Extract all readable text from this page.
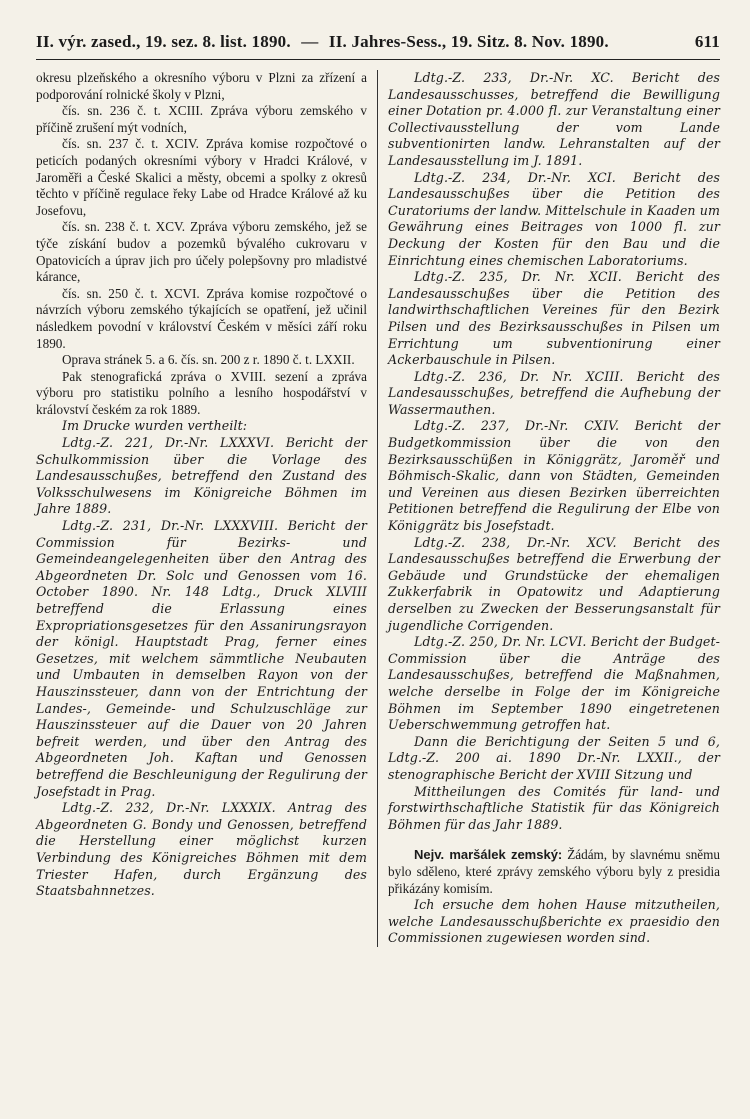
II. výr. zased., 19. sez. 8. list. 1890. — II. Jahres-Sess., 19. Sitz. 8. Nov. 1890.	611

okresu plzeňského a okresního výboru v Plzni za zřízení a podporování rolnické školy v Plzni,

čís. sn. 236 č. t. XCIII. Zpráva výboru zemského v příčině zrušení mýt vodních,

čís. sn. 237 č. t. XCIV. Zpráva komise rozpočtové o peticích podaných okresními výbory v Hradci Králové, v Jaroměři a České Skalici a městy, obcemi a spolky z okresů těchto v příčině regulace řeky Labe od Hradce Králové až ku Josefovu,

čís. sn. 238 č. t. XCV. Zpráva výboru zemského, jež se týče získání budov a pozemků bývalého cukrovaru v Opatovicích a úprav jich pro účely polepšovny pro mladistvé kárance,

čís. sn. 250 č. t. XCVI. Zpráva komise rozpočtové o návrzích výboru zemského týkajících se opatření, jež učinil následkem povodní v království Českém v měsíci září roku 1890.

Oprava stránek 5. a 6. čís. sn. 200 z r. 1890 č. t. LXXII.

Pak stenografická zpráva o XVIII. sezení a zpráva výboru pro statistiku polního a lesního hospodářství v království českém za rok 1889.

Im Drucke wurden vertheilt:

Ldtg.-Z. 221, Dr.-Nr. LXXXVI. Bericht der Schulkommission über die Vorlage des Landesausschußes, betreffend den Zustand des Volksschulwesens im Königreiche Böhmen im Jahre 1889.

Ldtg.-Z. 231, Dr.-Nr. LXXXVIII. Bericht der Commission für Bezirks- und Gemeindeangelegenheiten über den Antrag des Abgeordneten Dr. Solc und Genossen vom 16. October 1890. Nr. 148 Ldtg., Druck XLVIII betreffend die Erlassung eines Expropriationsgesetzes für den Assanirungsrayon der königl. Hauptstadt Prag, ferner eines Gesetzes, mit welchem sämmtliche Neubauten und Umbauten in demselben Rayon von der Hauszinssteuer, dann von der Entrichtung der Landes-, Gemeinde- und Schulzuschläge zur Hauszinssteuer auf die Dauer von 20 Jahren befreit werden, und über den Antrag des Abgeordneten Joh. Kaftan und Genossen betreffend die Beschleunigung der Regulirung der Josefstadt in Prag.

Ldtg.-Z. 232, Dr.-Nr. LXXXIX. Antrag des Abgeordneten G. Bondy und Genossen, betreffend die Herstellung einer möglichst kurzen Verbindung des Königreiches Böhmen mit dem Triester Hafen, durch Ergänzung des Staatsbahnnetzes.

Ldtg.-Z. 233, Dr.-Nr. XC. Bericht des Landesausschusses, betreffend die Bewilligung einer Dotation pr. 4.000 fl. zur Veranstaltung einer Collectivausstellung der vom Lande subventionirten landw. Lehranstalten auf der Landesausstellung im J. 1891.

Ldtg.-Z. 234, Dr.-Nr. XCI. Bericht des Landesausschußes über die Petition des Curatoriums der landw. Mittelschule in Kaaden um Gewährung eines Beitrages von 1000 fl. zur Deckung der Kosten für den Bau und die Einrichtung eines chemischen Laboratoriums.

Ldtg.-Z. 235, Dr. Nr. XCII. Bericht des Landesausschußes über die Petition des landwirthschaftlichen Vereines für den Bezirk Pilsen und des Bezirksausschußes in Pilsen um Errichtung um subventionirung einer Ackerbauschule in Pilsen.

Ldtg.-Z. 236, Dr. Nr. XCIII. Bericht des Landesausschußes, betreffend die Aufhebung der Wassermauthen.

Ldtg.-Z. 237, Dr.-Nr. CXIV. Bericht der Budgetkommission über die von den Bezirksausschüßen in Königgrätz, Jaroměř und Böhmisch-Skalic, dann von Städten, Gemeinden und Vereinen aus diesen Bezirken überreichten Petitionen betreffend die Regulirung der Elbe von Königgrätz bis Josefstadt.

Ldtg.-Z. 238, Dr.-Nr. XCV. Bericht des Landesausschußes betreffend die Erwerbung der Gebäude und Grundstücke der ehemaligen Zukkerfabrik in Opatowitz und Adaptierung derselben zu Zwecken der Besserungsanstalt für jugendliche Corrigenden.

Ldtg.-Z. 250, Dr. Nr. LCVI. Bericht der Budget-Commission über die Anträge des Landesausschußes, betreffend die Maßnahmen, welche derselbe in Folge der im Königreiche Böhmen im September 1890 eingetretenen Ueberschwemmung getroffen hat.

Dann die Berichtigung der Seiten 5 und 6, Ldtg.-Z. 200 ai. 1890 Dr.-Nr. LXXII., der stenographische Bericht der XVIII Sitzung und

Mittheilungen des Comités für land- und forstwirthschaftliche Statistik für das Königreich Böhmen für das Jahr 1889.

Nejv. maršálek zemský: Žádám, by slavnému sněmu bylo sděleno, které zprávy zemského výboru byly z presidia přikázány komisím.

Ich ersuche dem hohen Hause mitzutheilen, welche Landesausschußberichte ex praesidio den Commissionen zugewiesen worden sind.
